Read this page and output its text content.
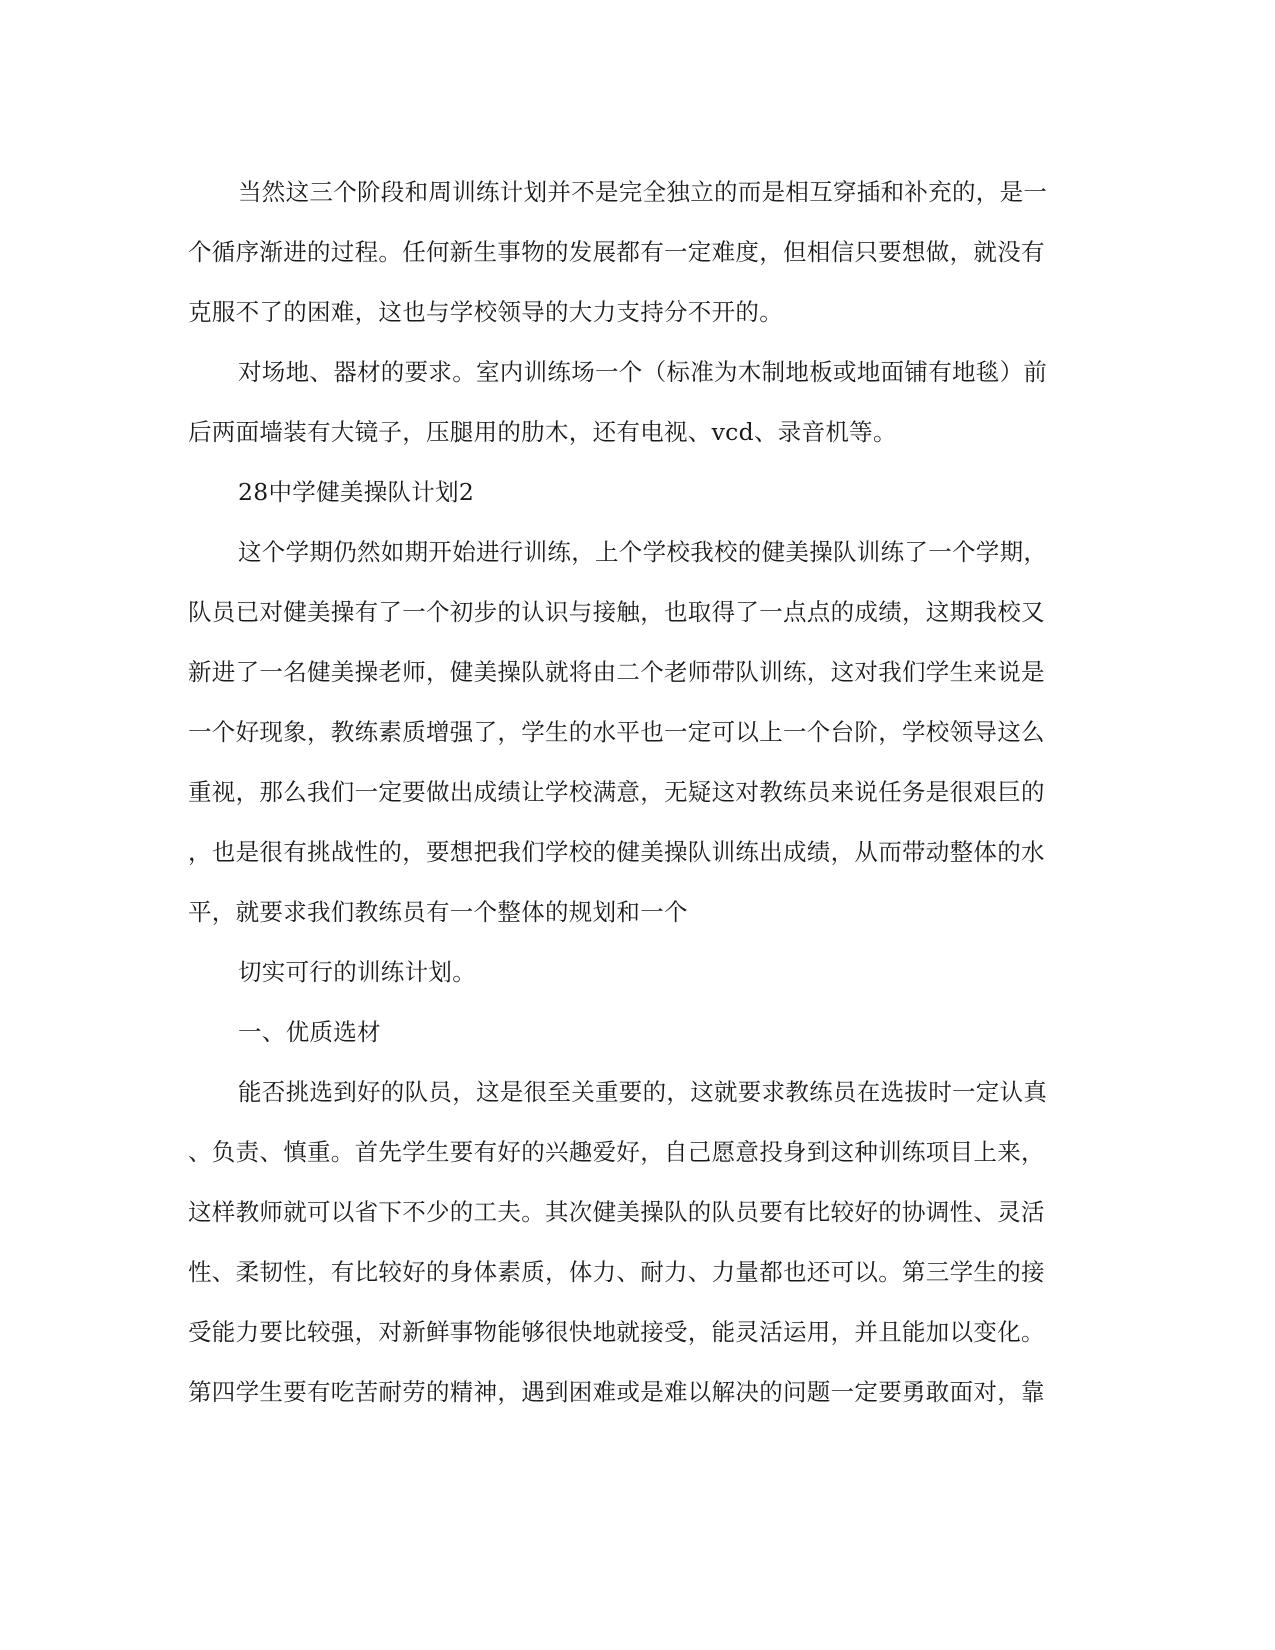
当然这三个阶段和周训练计划并不是完全独立的而是相互穿插和补充的，是一
个循序渐进的过程。任何新生事物的发展都有一定难度，但相信只要想做，就没有
克服不了的困难，这也与学校领导的大力支持分不开的。

对场地、器材的要求。室内训练场一个（标准为木制地板或地面铺有地毯）前
后两面墙装有大镜子，压腿用的肋木，还有电视、vcd、录音机等。

28中学健美操队计划2

这个学期仍然如期开始进行训练，上个学校我校的健美操队训练了一个学期，
队员已对健美操有了一个初步的认识与接触，也取得了一点点的成绩，这期我校又
新进了一名健美操老师，健美操队就将由二个老师带队训练，这对我们学生来说是
一个好现象，教练素质增强了，学生的水平也一定可以上一个台阶，学校领导这么
重视，那么我们一定要做出成绩让学校满意，无疑这对教练员来说任务是很艰巨的
，也是很有挑战性的，要想把我们学校的健美操队训练出成绩，从而带动整体的水
平，就要求我们教练员有一个整体的规划和一个

切实可行的训练计划。

一、优质选材

能否挑选到好的队员，这是很至关重要的，这就要求教练员在选拔时一定认真
、负责、慎重。首先学生要有好的兴趣爱好，自己愿意投身到这种训练项目上来，
这样教师就可以省下不少的工夫。其次健美操队的队员要有比较好的协调性、灵活
性、柔韧性，有比较好的身体素质，体力、耐力、力量都也还可以。第三学生的接
受能力要比较强，对新鲜事物能够很快地就接受，能灵活运用，并且能加以变化。
第四学生要有吃苦耐劳的精神，遇到困难或是难以解决的问题一定要勇敢面对，靠
